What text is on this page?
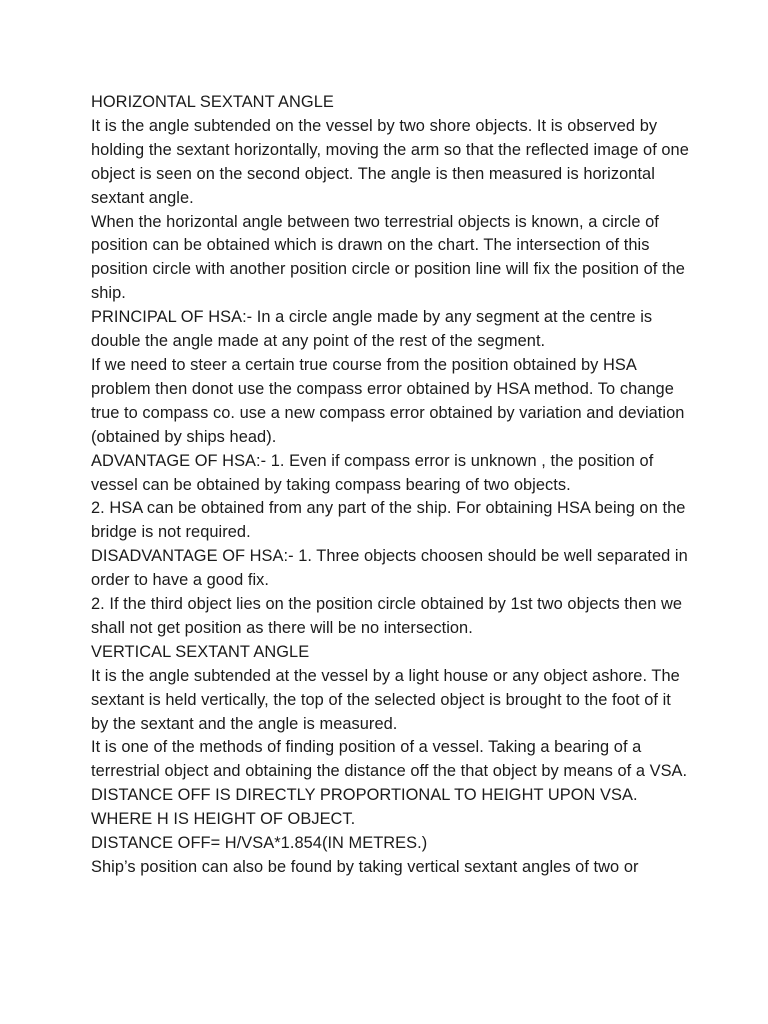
HORIZONTAL SEXTANT ANGLE

It is the angle subtended on the vessel by two shore objects. It is observed by holding the sextant horizontally, moving the arm so that the reflected image of one object is seen on the second object. The angle is then measured is horizontal sextant angle.

When the horizontal angle between two terrestrial objects is known, a circle of position can be obtained which is drawn on the chart. The intersection of this position circle with another position circle or position line will fix the position of the ship.

PRINCIPAL OF HSA:- In a circle angle made by any segment at the centre is double the angle made at any point of the rest of the segment.

If we need to steer a certain true course from the position obtained by HSA problem then donot use the compass error obtained by HSA method. To change true to compass co. use a new compass error obtained by variation and deviation (obtained by ships head).

ADVANTAGE OF HSA:- 1. Even if compass error is unknown , the position of vessel can be obtained by taking compass bearing of two objects.

2. HSA can be obtained from any part of the ship. For obtaining HSA being on the bridge is not required.

DISADVANTAGE OF HSA:- 1. Three objects choosen should be well separated in order to have a good fix.

2. If the third object lies on the position circle obtained by 1st two objects then we shall not get position as there will be no intersection.

VERTICAL SEXTANT ANGLE

It is the angle subtended at the vessel by a light house or any object ashore. The sextant is held vertically, the top of the selected object is brought to the foot of it by the sextant and the angle is measured.

It is one of the methods of finding position of a vessel. Taking a bearing of a terrestrial object and obtaining the distance off the that object by means of a VSA.

DISTANCE OFF IS DIRECTLY PROPORTIONAL TO HEIGHT UPON VSA.

WHERE H IS HEIGHT OF OBJECT.

DISTANCE OFF= H/VSA*1.854(IN METRES.)

Ship’s position can also be found by taking vertical sextant angles of two or
